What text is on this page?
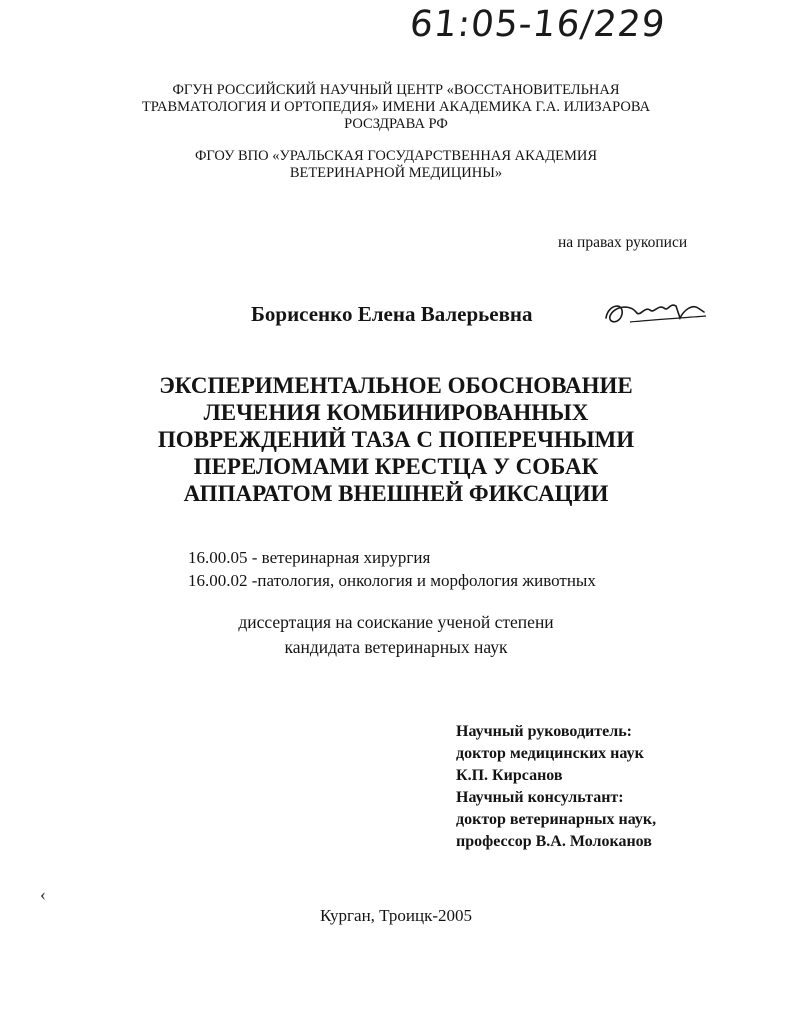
61:05-16/229
ФГУН РОССИЙСКИЙ НАУЧНЫЙ ЦЕНТР «ВОССТАНОВИТЕЛЬНАЯ
ТРАВМАТОЛОГИЯ И ОРТОПЕДИЯ» ИМЕНИ АКАДЕМИКА Г.А. ИЛИЗАРОВА
РОСЗДРАВА РФ
ФГОУ ВПО «УРАЛЬСКАЯ ГОСУДАРСТВЕННАЯ АКАДЕМИЯ
ВЕТЕРИНАРНОЙ МЕДИЦИНЫ»
на правах рукописи
Борисенко Елена Валерьевна
ЭКСПЕРИМЕНТАЛЬНОЕ ОБОСНОВАНИЕ
ЛЕЧЕНИЯ КОМБИНИРОВАННЫХ
ПОВРЕЖДЕНИЙ ТАЗА С ПОПЕРЕЧНЫМИ
ПЕРЕЛОМАМИ КРЕСТЦА У СОБАК
АППАРАТОМ ВНЕШНЕЙ ФИКСАЦИИ
16.00.05 - ветеринарная хирургия
16.00.02 -патология, онкология и морфология животных
диссертация на соискание ученой степени
кандидата ветеринарных наук
Научный руководитель:
доктор медицинских наук
К.П. Кирсанов
Научный консультант:
доктор ветеринарных наук,
профессор В.А. Молоканов
‹
Курган, Троицк-2005
